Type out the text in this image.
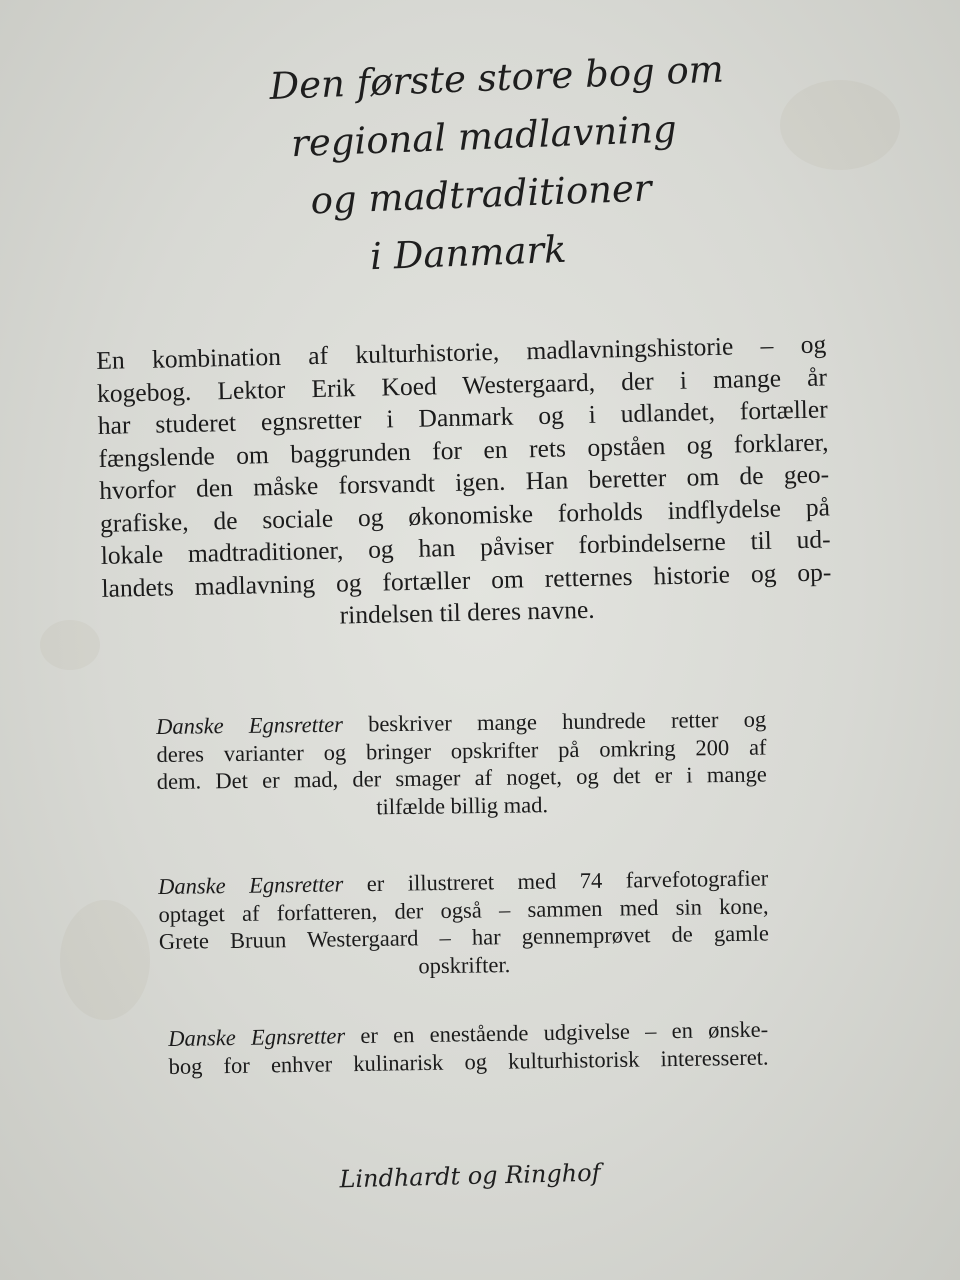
Den første store bog om
regional madlavning
og madtraditioner
i Danmark
En kombination af kulturhistorie, madlavningshistorie – og
kogebog. Lektor Erik Koed Westergaard, der i mange år
har studeret egnsretter i Danmark og i udlandet, fortæller
fængslende om baggrunden for en rets opståen og forklarer,
hvorfor den måske forsvandt igen. Han beretter om de geo-
grafiske, de sociale og økonomiske forholds indflydelse på
lokale madtraditioner, og han påviser forbindelserne til ud-
landets madlavning og fortæller om retternes historie og op-
rindelsen til deres navne.
Danske Egnsretter beskriver mange hundrede retter og
deres varianter og bringer opskrifter på omkring 200 af
dem. Det er mad, der smager af noget, og det er i mange
tilfælde billig mad.
Danske Egnsretter er illustreret med 74 farvefotografier
optaget af forfatteren, der også – sammen med sin kone,
Grete Bruun Westergaard – har gennemprøvet de gamle
opskrifter.
Danske Egnsretter er en enestående udgivelse – en ønske-
bog for enhver kulinarisk og kulturhistorisk interesseret.
Lindhardt og Ringhof
